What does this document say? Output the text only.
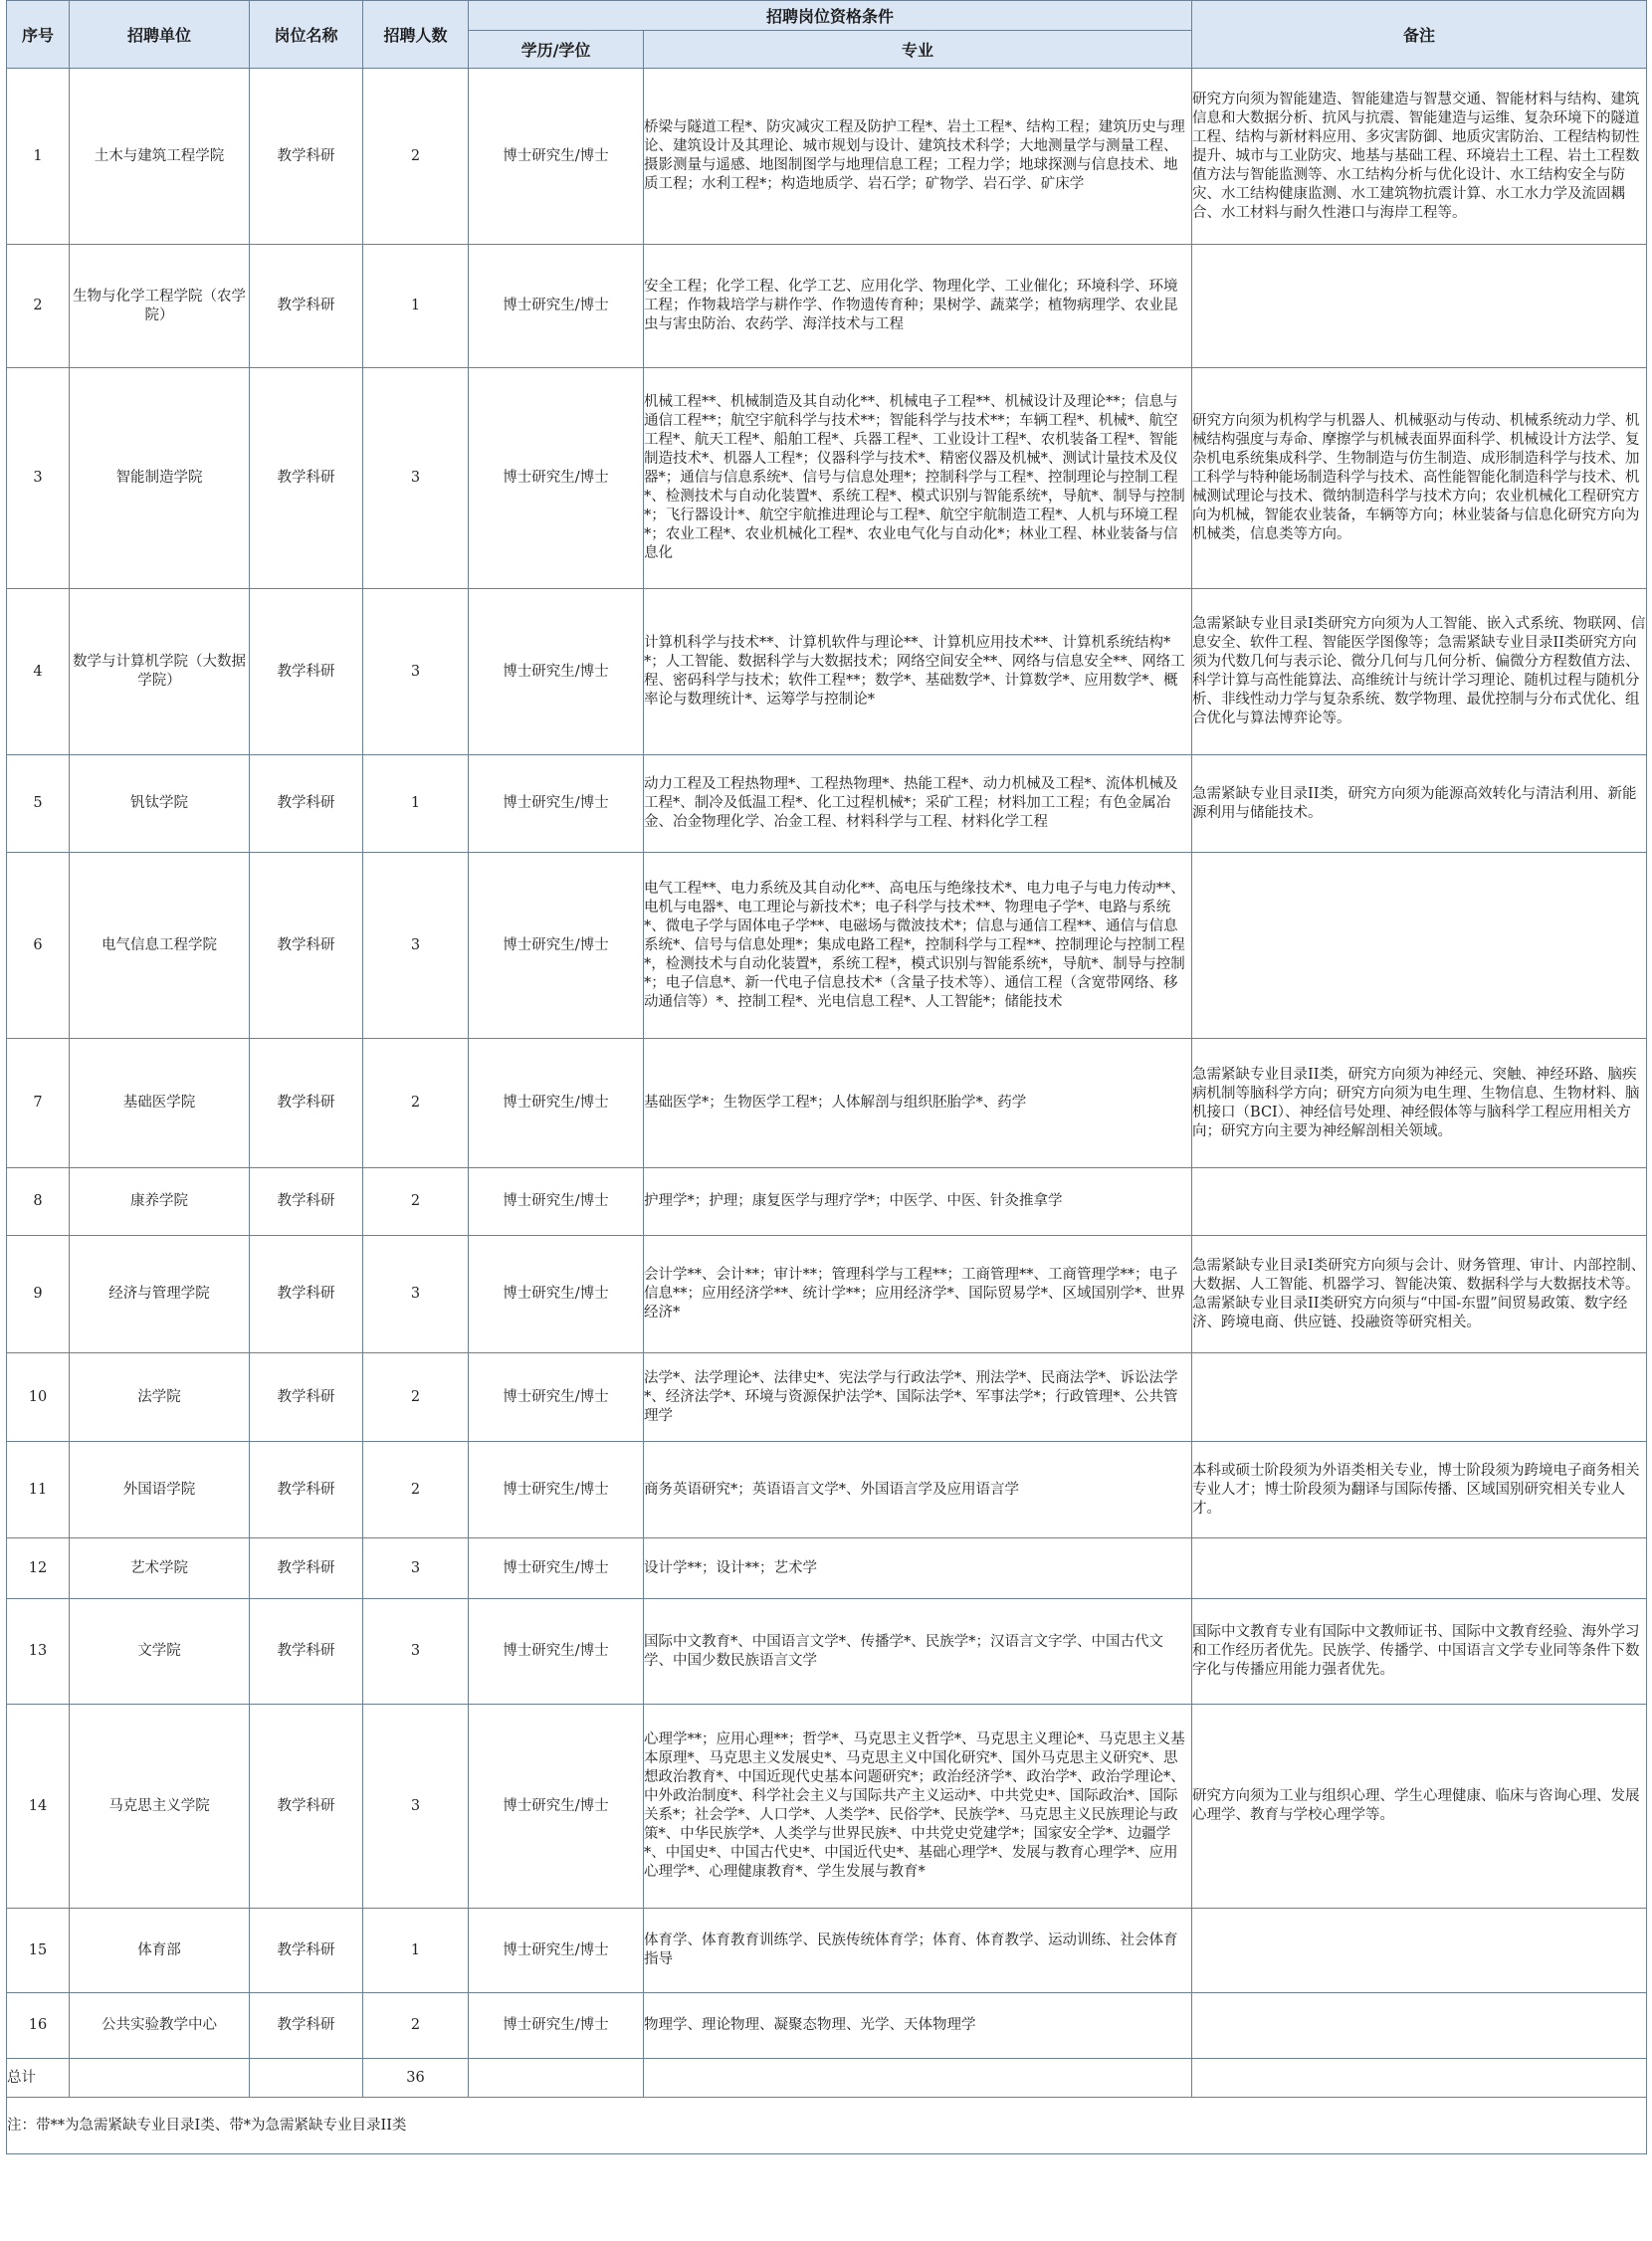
序号	招聘单位	岗位名称	招聘人数	招聘岗位资格条件		备注
				学历/学位	专业	
1	土木与建筑工程学院	教学科研	2	博士研究生/博士	桥梁与隧道工程*、防灾减灾工程及防护工程*、岩土工程*、结构工程；建筑历史与理论、建筑设计及其理论、城市规划与设计、建筑技术科学；大地测量学与测量工程、摄影测量与遥感、地图制图学与地理信息工程；工程力学；地球探测与信息技术、地质工程；水利工程*；构造地质学、岩石学；矿物学、岩石学、矿床学	研究方向须为智能建造、智能建造与智慧交通、智能材料与结构、建筑信息和大数据分析、抗风与抗震、智能建造与运维、复杂环境下的隧道工程、结构与新材料应用、多灾害防御、地质灾害防治、工程结构韧性提升、城市与工业防灾、地基与基础工程、环境岩土工程、岩土工程数值方法与智能监测等、水工结构分析与优化设计、水工结构安全与防灾、水工结构健康监测、水工建筑物抗震计算、水工水力学及流固耦合、水工材料与耐久性港口与海岸工程等。
2	生物与化学工程学院（农学院）	教学科研	1	博士研究生/博士	安全工程；化学工程、化学工艺、应用化学、物理化学、工业催化；环境科学、环境工程；作物栽培学与耕作学、作物遗传育种；果树学、蔬菜学；植物病理学、农业昆虫与害虫防治、农药学、海洋技术与工程	
3	智能制造学院	教学科研	3	博士研究生/博士	机械工程**、机械制造及其自动化**、机械电子工程**、机械设计及理论**；信息与通信工程**；航空宇航科学与技术**；智能科学与技术**；车辆工程*、机械*、航空工程*、航天工程*、船舶工程*、兵器工程*、工业设计工程*、农机装备工程*、智能制造技术*、机器人工程*；仪器科学与技术*、精密仪器及机械*、测试计量技术及仪器*；通信与信息系统*、信号与信息处理*；控制科学与工程*、控制理论与控制工程*、检测技术与自动化装置*、系统工程*、模式识别与智能系统*，导航*、制导与控制*；飞行器设计*、航空宇航推进理论与工程*、航空宇航制造工程*、人机与环境工程*；农业工程*、农业机械化工程*、农业电气化与自动化*；林业工程、林业装备与信息化	研究方向须为机构学与机器人、机械驱动与传动、机械系统动力学、机械结构强度与寿命、摩擦学与机械表面界面科学、机械设计方法学、复杂机电系统集成科学、生物制造与仿生制造、成形制造科学与技术、加工科学与特种能场制造科学与技术、高性能智能化制造科学与技术、机械测试理论与技术、微纳制造科学与技术方向；农业机械化工程研究方向为机械，智能农业装备，车辆等方向；林业装备与信息化研究方向为机械类，信息类等方向。
4	数学与计算机学院（大数据学院）	教学科研	3	博士研究生/博士	计算机科学与技术**、计算机软件与理论**、计算机应用技术**、计算机系统结构**；人工智能、数据科学与大数据技术；网络空间安全**、网络与信息安全**、网络工程、密码科学与技术；软件工程**；数学*、基础数学*、计算数学*、应用数学*、概率论与数理统计*、运筹学与控制论*	急需紧缺专业目录I类研究方向须为人工智能、嵌入式系统、物联网、信息安全、软件工程、智能医学图像等；急需紧缺专业目录II类研究方向须为代数几何与表示论、微分几何与几何分析、偏微分方程数值方法、科学计算与高性能算法、高维统计与统计学习理论、随机过程与随机分析、非线性动力学与复杂系统、数学物理、最优控制与分布式优化、组合优化与算法博弈论等。
5	钒钛学院	教学科研	1	博士研究生/博士	动力工程及工程热物理*、工程热物理*、热能工程*、动力机械及工程*、流体机械及工程*、制冷及低温工程*、化工过程机械*；采矿工程；材料加工工程；有色金属冶金、冶金物理化学、冶金工程、材料科学与工程、材料化学工程	急需紧缺专业目录II类，研究方向须为能源高效转化与清洁利用、新能源利用与储能技术。
6	电气信息工程学院	教学科研	3	博士研究生/博士	电气工程**、电力系统及其自动化**、高电压与绝缘技术*、电力电子与电力传动**、电机与电器*、电工理论与新技术*；电子科学与技术**、物理电子学*、电路与系统*、微电子学与固体电子学**、电磁场与微波技术*；信息与通信工程**、通信与信息系统*、信号与信息处理*；集成电路工程*，控制科学与工程**、控制理论与控制工程*，检测技术与自动化装置*，系统工程*，模式识别与智能系统*，导航*、制导与控制*；电子信息*、新一代电子信息技术*（含量子技术等）、通信工程（含宽带网络、移动通信等）*、控制工程*、光电信息工程*、人工智能*；储能技术	
7	基础医学院	教学科研	2	博士研究生/博士	基础医学*；生物医学工程*；人体解剖与组织胚胎学*、药学	急需紧缺专业目录II类，研究方向须为神经元、突触、神经环路、脑疾病机制等脑科学方向；研究方向须为电生理、生物信息、生物材料、脑机接口（BCI）、神经信号处理、神经假体等与脑科学工程应用相关方向；研究方向主要为神经解剖相关领域。
8	康养学院	教学科研	2	博士研究生/博士	护理学*；护理；康复医学与理疗学*；中医学、中医、针灸推拿学	
9	经济与管理学院	教学科研	3	博士研究生/博士	会计学**、会计**；审计**；管理科学与工程**；工商管理**、工商管理学**；电子信息**；应用经济学**、统计学**；应用经济学*、国际贸易学*、区域国别学*、世界经济*	急需紧缺专业目录I类研究方向须与会计、财务管理、审计、内部控制、大数据、人工智能、机器学习、智能决策、数据科学与大数据技术等。急需紧缺专业目录II类研究方向须与“中国-东盟”间贸易政策、数字经济、跨境电商、供应链、投融资等研究相关。
10	法学院	教学科研	2	博士研究生/博士	法学*、法学理论*、法律史*、宪法学与行政法学*、刑法学*、民商法学*、诉讼法学*、经济法学*、环境与资源保护法学*、国际法学*、军事法学*；行政管理*、公共管理学	
11	外国语学院	教学科研	2	博士研究生/博士	商务英语研究*；英语语言文学*、外国语言学及应用语言学	本科或硕士阶段须为外语类相关专业，博士阶段须为跨境电子商务相关专业人才；博士阶段须为翻译与国际传播、区域国别研究相关专业人才。
12	艺术学院	教学科研	3	博士研究生/博士	设计学**；设计**；艺术学	
13	文学院	教学科研	3	博士研究生/博士	国际中文教育*、中国语言文学*、传播学*、民族学*；汉语言文字学、中国古代文学、中国少数民族语言文学	国际中文教育专业有国际中文教师证书、国际中文教育经验、海外学习和工作经历者优先。民族学、传播学、中国语言文学专业同等条件下数字化与传播应用能力强者优先。
14	马克思主义学院	教学科研	3	博士研究生/博士	心理学**；应用心理**；哲学*、马克思主义哲学*、马克思主义理论*、马克思主义基本原理*、马克思主义发展史*、马克思主义中国化研究*、国外马克思主义研究*、思想政治教育*、中国近现代史基本问题研究*；政治经济学*、政治学*、政治学理论*、中外政治制度*、科学社会主义与国际共产主义运动*、中共党史*、国际政治*、国际关系*；社会学*、人口学*、人类学*、民俗学*、民族学*、马克思主义民族理论与政策*、中华民族学*、人类学与世界民族*、中共党史党建学*；国家安全学*、边疆学*、中国史*、中国古代史*、中国近代史*、基础心理学*、发展与教育心理学*、应用心理学*、心理健康教育*、学生发展与教育*	研究方向须为工业与组织心理、学生心理健康、临床与咨询心理、发展心理学、教育与学校心理学等。
15	体育部	教学科研	1	博士研究生/博士	体育学、体育教育训练学、民族传统体育学；体育、体育教学、运动训练、社会体育指导	
16	公共实验教学中心	教学科研	2	博士研究生/博士	物理学、理论物理、凝聚态物理、光学、天体物理学	
总计			36			
注：带**为急需紧缺专业目录I类、带*为急需紧缺专业目录II类						
